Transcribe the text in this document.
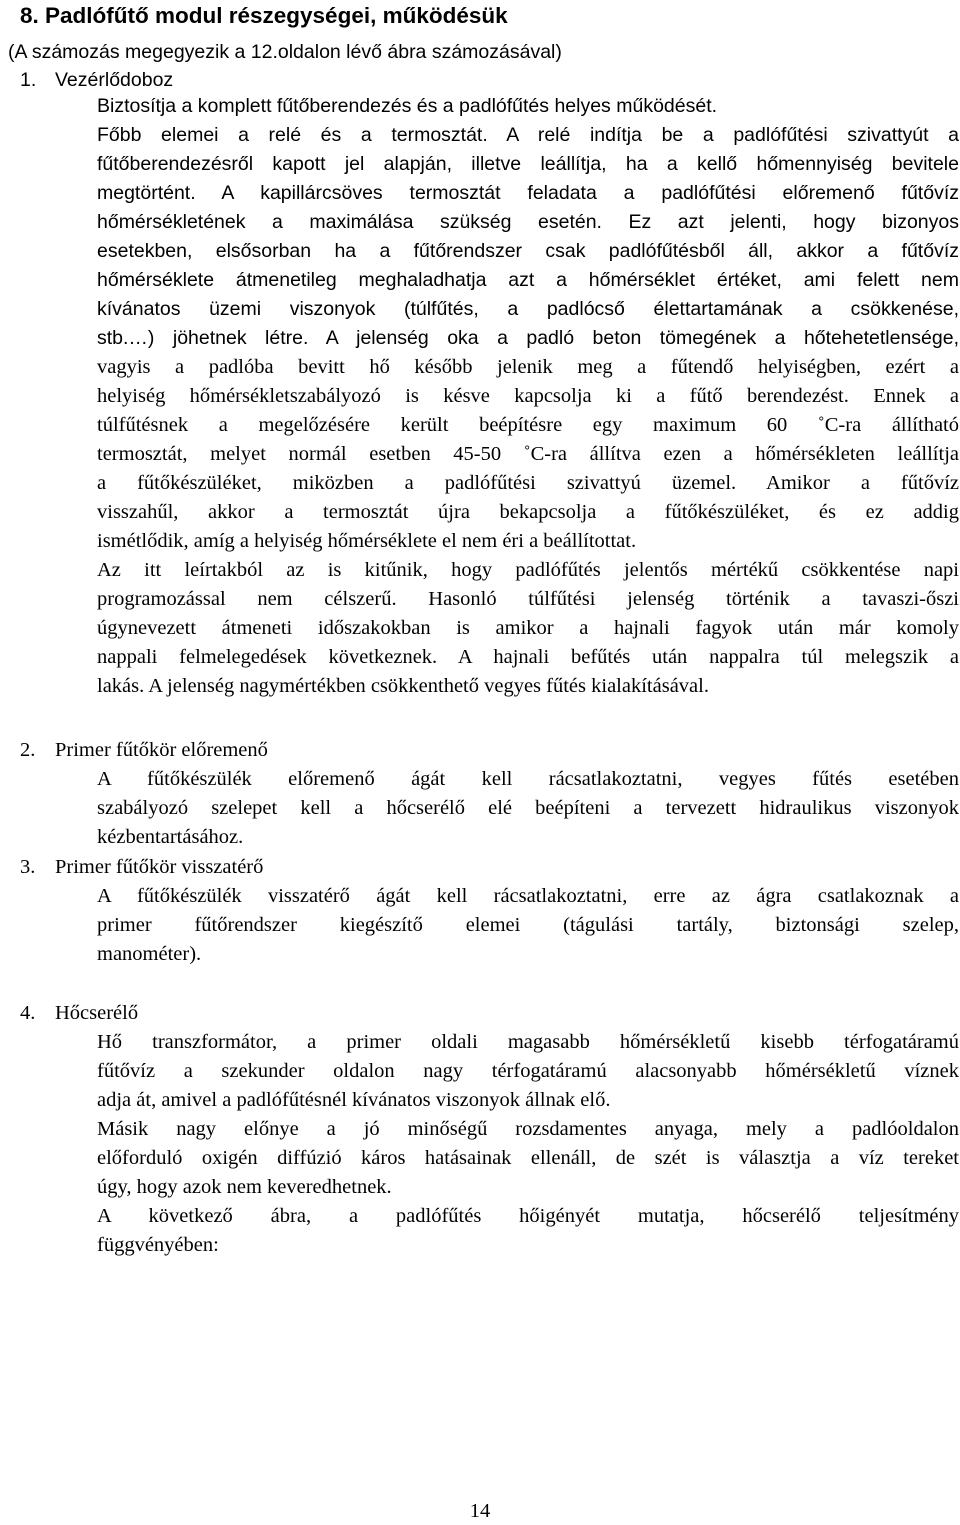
8. Padlófűtő modul részegységei, működésük

(A számozás megegyezik a 12.oldalon lévő ábra számozásával)

1. Vezérlődoboz
Biztosítja a komplett fűtőberendezés és a padlófűtés helyes működését.
Főbb elemei a relé és a termosztát. A relé indítja be a padlófűtési szivattyút a
fűtőberendezésről kapott jel alapján, illetve leállítja, ha a kellő hőmennyiség bevitele
megtörtént. A kapillárcsöves termosztát feladata a padlófűtési előremenő fűtővíz
hőmérsékletének a maximálása szükség esetén. Ez azt jelenti, hogy bizonyos
esetekben, elsősorban ha a fűtőrendszer csak padlófűtésből áll, akkor a fűtővíz
hőmérséklete átmenetileg meghaladhatja azt a hőmérséklet értéket, ami felett nem
kívánatos üzemi viszonyok (túlfűtés, a padlócső élettartamának a csökkenése,
stb.…) jöhetnek létre. A jelenség oka a padló beton tömegének a hőtehetetlensége,
vagyis a padlóba bevitt hő később jelenik meg a fűtendő helyiségben, ezért a
helyiség hőmérsékletszabályozó is késve kapcsolja ki a fűtő berendezést. Ennek a
túlfűtésnek a megelőzésére került beépítésre egy maximum 60 ˚C-ra állítható
termosztát, melyet normál esetben 45-50 ˚C-ra állítva ezen a hőmérsékleten leállítja
a fűtőkészüléket, miközben a padlófűtési szivattyú üzemel. Amikor a fűtővíz
visszahűl, akkor a termosztát újra bekapcsolja a fűtőkészüléket, és ez addig
ismétlődik, amíg a helyiség hőmérséklete el nem éri a beállítottat.
Az itt leírtakból az is kitűnik, hogy padlófűtés jelentős mértékű csökkentése napi
programozással nem célszerű. Hasonló túlfűtési jelenség történik a tavaszi-őszi
úgynevezett átmeneti időszakokban is amikor a hajnali fagyok után már komoly
nappali felmelegedések következnek. A hajnali befűtés után nappalra túl melegszik a
lakás. A jelenség nagymértékben csökkenthető vegyes fűtés kialakításával.
2. Primer fűtőkör előremenő
A fűtőkészülék előremenő ágát kell rácsatlakoztatni, vegyes fűtés esetében
szabályozó szelepet kell a hőcserélő elé beépíteni a tervezett hidraulikus viszonyok
kézbentartásához.
3. Primer fűtőkör visszatérő
A fűtőkészülék visszatérő ágát kell rácsatlakoztatni, erre az ágra csatlakoznak a
primer fűtőrendszer kiegészítő elemei (tágulási tartály, biztonsági szelep,
manométer).
4. Hőcserélő
Hő transzformátor, a primer oldali magasabb hőmérsékletű kisebb térfogatáramú
fűtővíz a szekunder oldalon nagy térfogatáramú alacsonyabb hőmérsékletű víznek
adja át, amivel a padlófűtésnél kívánatos viszonyok állnak elő.
Másik nagy előnye a jó minőségű rozsdamentes anyaga, mely a padlóoldalon
előforduló oxigén diffúzió káros hatásainak ellenáll, de szét is választja a víz tereket
úgy, hogy azok nem keveredhetnek.
A következő ábra, a padlófűtés hőigényét mutatja, hőcserélő teljesítmény
függvényében:
14
